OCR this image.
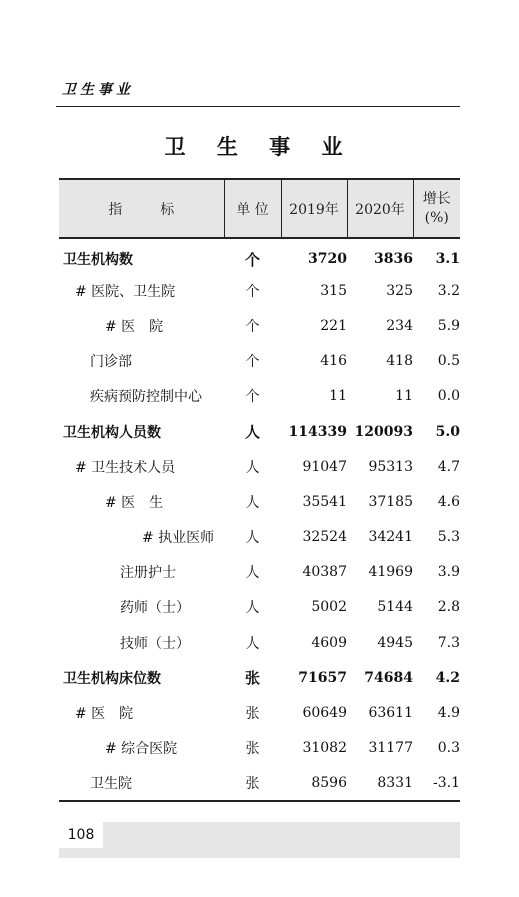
卫生事业
卫 生 事 业
指 标	单 位	2019年	2020年	增长
(%)
卫生机构数	个	3720	3836	3.1
# 医院、卫生院	个	315	325	3.2
# 医　院	个	221	234	5.9
门诊部	个	416	418	0.5
疾病预防控制中心	个	11	11	0.0
卫生机构人员数	人	114339	120093	5.0
# 卫生技术人员	人	91047	95313	4.7
# 医　生	人	35541	37185	4.6
# 执业医师	人	32524	34241	5.3
注册护士	人	40387	41969	3.9
药师（士）	人	5002	5144	2.8
技师（士）	人	4609	4945	7.3
卫生机构床位数	张	71657	74684	4.2
# 医　院	张	60649	63611	4.9
# 综合医院	张	31082	31177	0.3
卫生院	张	8596	8331	-3.1
108
